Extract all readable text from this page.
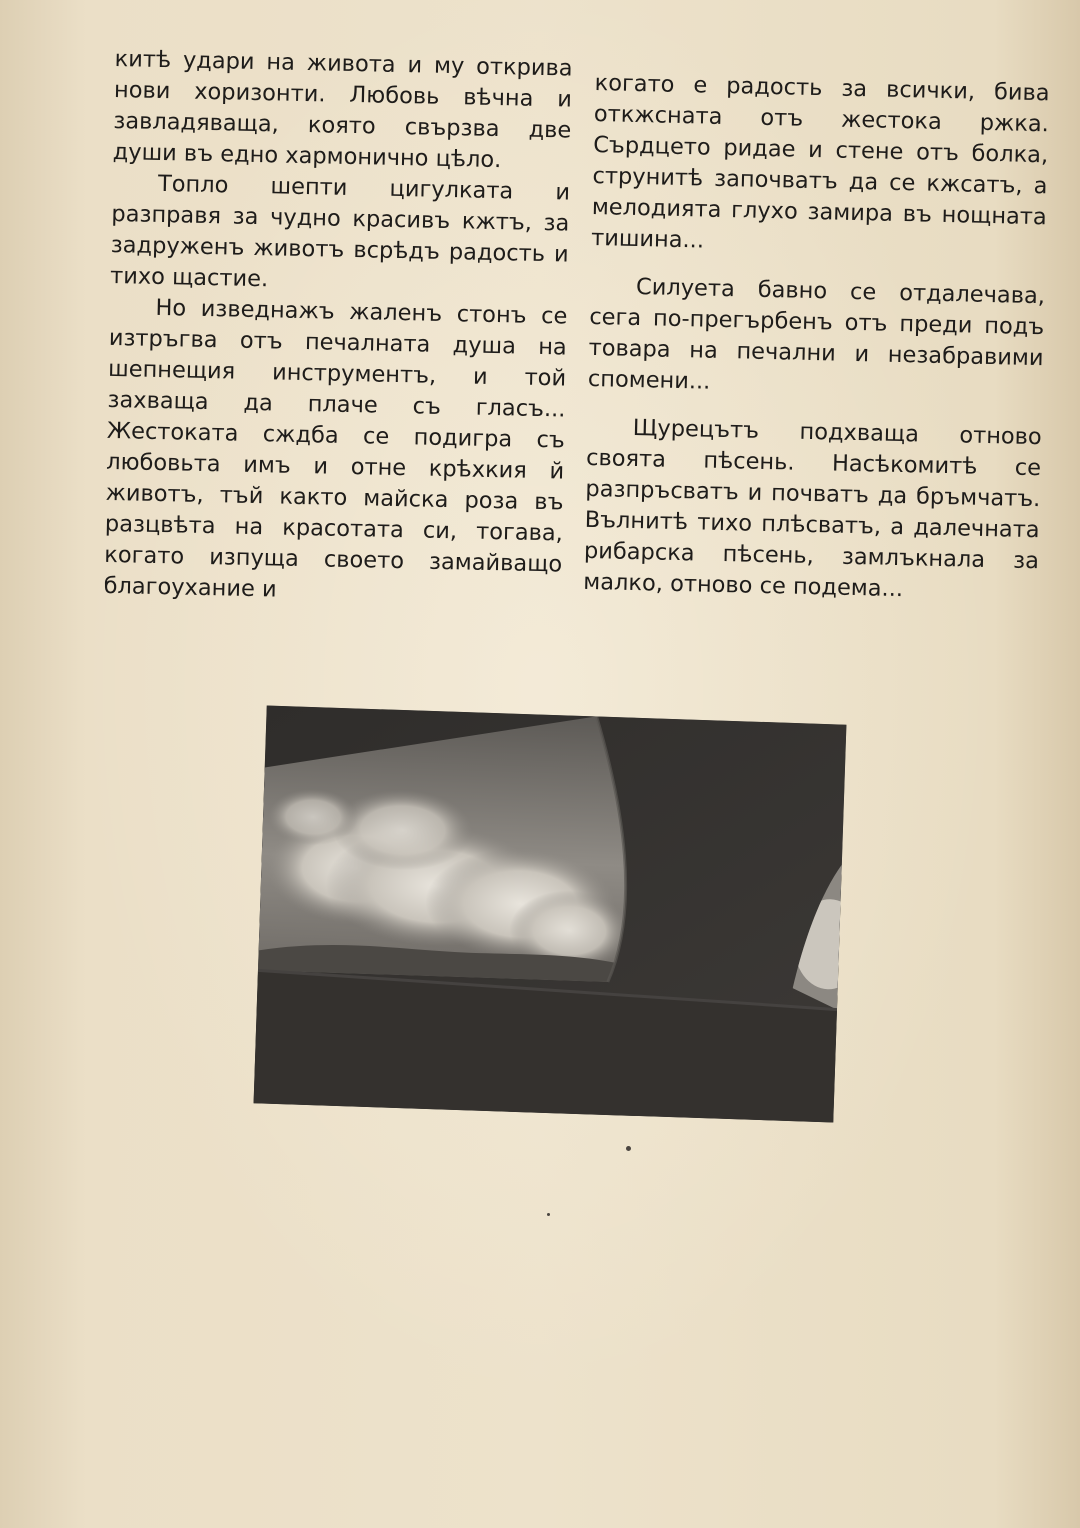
китѣ удари на живота и му открива нови хоризонти. Любовь вѣчна и завладяваща, която свързва две души въ едно хармонично цѣло.

Топло шепти цигулката и разправя за чудно красивъ кжтъ, за задруженъ животъ всрѣдъ радость и тихо щастие.

Но изведнажъ жаленъ стонъ се изтръгва отъ печалната душа на шепнещия инструментъ, и той захваща да плаче съ гласъ... Жестоката сждба се подигра съ любовьта имъ и отне крѣхкия й животъ, тъй както майска роза въ разцвѣта на красотата си, тогава, когато изпуща своето замайващо благоухание и

когато е радость за всички, бива откжсната отъ жестока ржка. Сърдцето ридае и стене отъ болка, струнитѣ започватъ да се кжсатъ, а мелодията глухо замира въ нощната тишина...

Силуета бавно се отдалечава, сега по-прегърбенъ отъ преди подъ товара на печални и незабравими спомени...

Щурецътъ подхваща отново своята пѣсень. Насѣкомитѣ се разпръсватъ и почватъ да бръмчатъ. Вълнитѣ тихо плѣсватъ, а далечната рибарска пѣсень, замлъкнала за малко, отново се подема...
